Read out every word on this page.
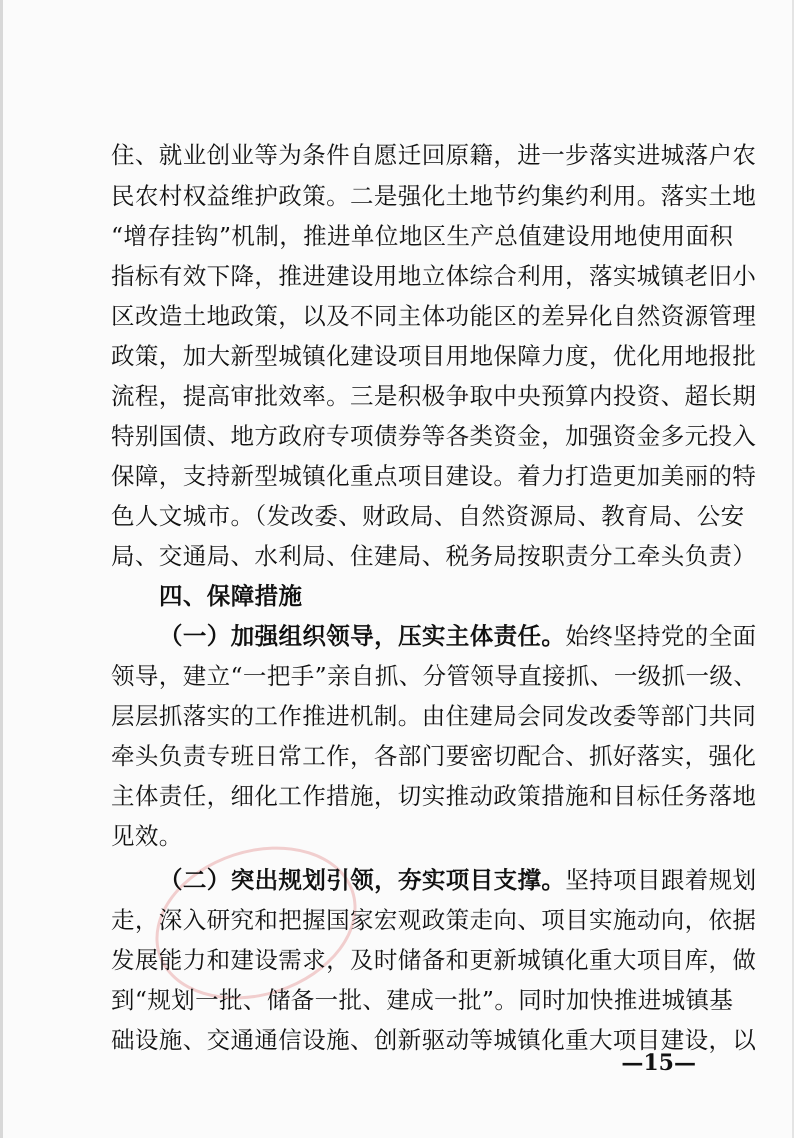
住、就业创业等为条件自愿迁回原籍，进一步落实进城落户农
民农村权益维护政策。二是强化土地节约集约利用。落实土地
“增存挂钩”机制，推进单位地区生产总值建设用地使用面积
指标有效下降，推进建设用地立体综合利用，落实城镇老旧小
区改造土地政策，以及不同主体功能区的差异化自然资源管理
政策，加大新型城镇化建设项目用地保障力度，优化用地报批
流程，提高审批效率。三是积极争取中央预算内投资、超长期
特别国债、地方政府专项债券等各类资金，加强资金多元投入
保障，支持新型城镇化重点项目建设。着力打造更加美丽的特
色人文城市。（发改委、财政局、自然资源局、教育局、公安
局、交通局、水利局、住建局、税务局按职责分工牵头负责）
四、保障措施
（一）加强组织领导，压实主体责任。始终坚持党的全面
领导，建立“一把手”亲自抓、分管领导直接抓、一级抓一级、
层层抓落实的工作推进机制。由住建局会同发改委等部门共同
牵头负责专班日常工作，各部门要密切配合、抓好落实，强化
主体责任，细化工作措施，切实推动政策措施和目标任务落地
见效。
（二）突出规划引领，夯实项目支撑。坚持项目跟着规划
走，深入研究和把握国家宏观政策走向、项目实施动向，依据
发展能力和建设需求，及时储备和更新城镇化重大项目库，做
到“规划一批、储备一批、建成一批”。同时加快推进城镇基
础设施、交通通信设施、创新驱动等城镇化重大项目建设，以
—15—
